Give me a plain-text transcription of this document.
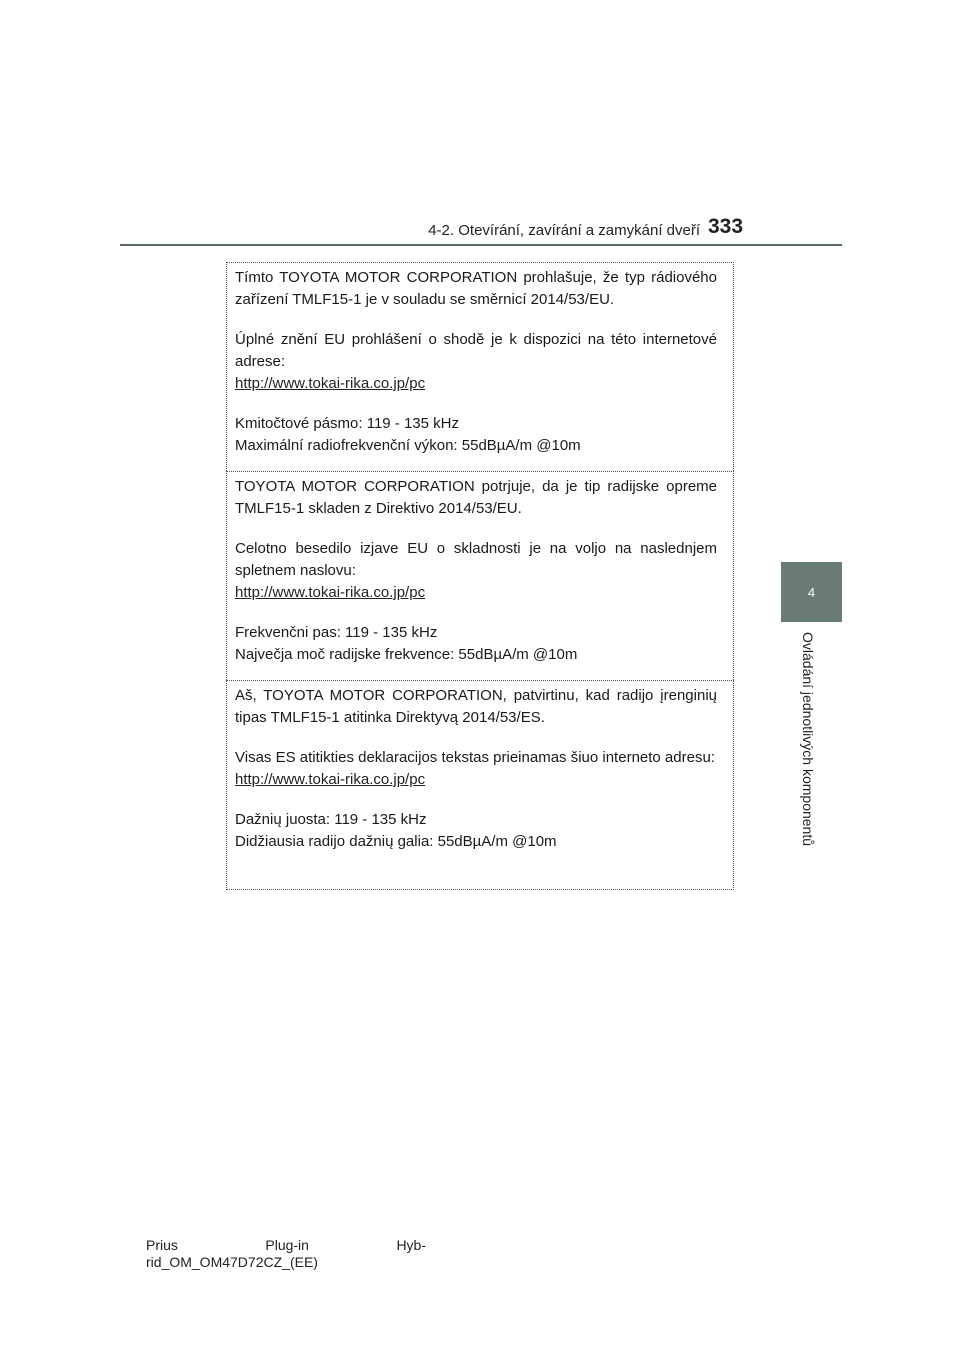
4-2. Otevírání, zavírání a zamykání dveří 333
4
Ovládání jednotlivých komponentů

Tímto TOYOTA MOTOR CORPORATION prohlašuje, že typ rádiového zařízení TMLF15-1 je v souladu se směrnicí 2014/53/EU.

Úplné znění EU prohlášení o shodě je k dispozici na této internetové adrese:

http://www.tokai-rika.co.jp/pc

Kmitočtové pásmo: 119 - 135 kHz

Maximální radiofrekvenční výkon: 55dBµA/m @10m

TOYOTA MOTOR CORPORATION potrjuje, da je tip radijske opreme TMLF15-1 skladen z Direktivo 2014/53/EU.

Celotno besedilo izjave EU o skladnosti je na voljo na naslednjem spletnem naslovu:

http://www.tokai-rika.co.jp/pc

Frekvenčni pas: 119 - 135 kHz

Največja moč radijske frekvence: 55dBµA/m @10m

Aš, TOYOTA MOTOR CORPORATION, patvirtinu, kad radijo įrenginių tipas TMLF15-1 atitinka Direktyvą 2014/53/ES.

Visas ES atitikties deklaracijos tekstas prieinamas šiuo interneto adresu:

http://www.tokai-rika.co.jp/pc

Dažnių juosta: 119 - 135 kHz

Didžiausia radijo dažnių galia: 55dBµA/m @10m

Prius	Plug-in	Hyb-
rid_OM_OM47D72CZ_(EE)
